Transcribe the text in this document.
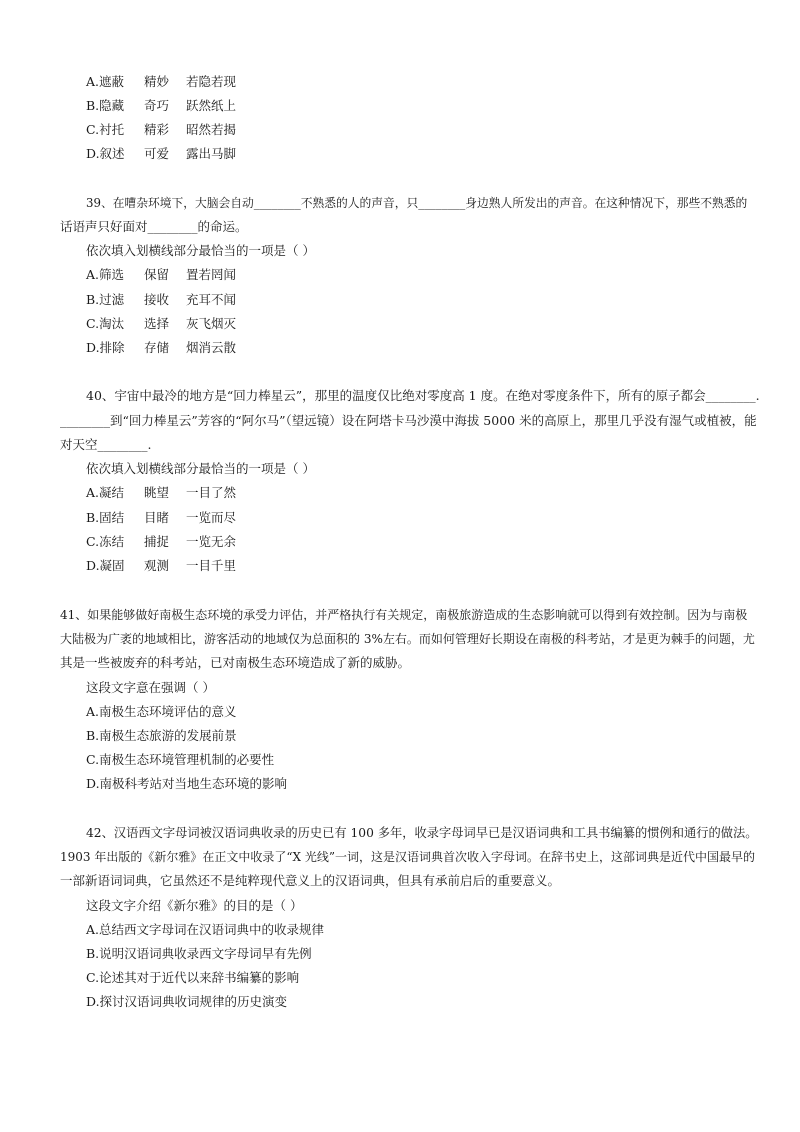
A.遮蔽 精妙 若隐若现
B.隐藏 奇巧 跃然纸上
C.衬托 精彩 昭然若揭
D.叙述 可爱 露出马脚
39、在嘈杂环境下，大脑会自动________不熟悉的人的声音，只________身边熟人所发出的声音。在这种情况下，那些不熟悉的
话语声只好面对________的命运。
依次填入划横线部分最恰当的一项是（ ）
A.筛选 保留 置若罔闻
B.过滤 接收 充耳不闻
C.淘汰 选择 灰飞烟灭
D.排除 存储 烟消云散
40、宇宙中最冷的地方是“回力棒星云”，那里的温度仅比绝对零度高 1 度。在绝对零度条件下，所有的原子都会________.
________到“回力棒星云”芳容的“阿尔马”（望远镜）设在阿塔卡马沙漠中海拔 5000 米的高原上，那里几乎没有湿气或植被，能
对天空________.
依次填入划横线部分最恰当的一项是（ ）
A.凝结 眺望 一目了然
B.固结 目睹 一览而尽
C.冻结 捕捉 一览无余
D.凝固 观测 一目千里
41、如果能够做好南极生态环境的承受力评估，并严格执行有关规定，南极旅游造成的生态影响就可以得到有效控制。因为与南极
大陆极为广袤的地域相比，游客活动的地域仅为总面积的 3%左右。而如何管理好长期设在南极的科考站，才是更为棘手的问题，尤
其是一些被废弃的科考站，已对南极生态环境造成了新的威胁。
这段文字意在强调（ ）
A.南极生态环境评估的意义
B.南极生态旅游的发展前景
C.南极生态环境管理机制的必要性
D.南极科考站对当地生态环境的影响
42、汉语西文字母词被汉语词典收录的历史已有 100 多年，收录字母词早已是汉语词典和工具书编纂的惯例和通行的做法。
1903 年出版的《新尔雅》在正文中收录了“X 光线”一词，这是汉语词典首次收入字母词。在辞书史上，这部词典是近代中国最早的
一部新语词词典，它虽然还不是纯粹现代意义上的汉语词典，但具有承前启后的重要意义。
这段文字介绍《新尔雅》的目的是（ ）
A.总结西文字母词在汉语词典中的收录规律
B.说明汉语词典收录西文字母词早有先例
C.论述其对于近代以来辞书编纂的影响
D.探讨汉语词典收词规律的历史演变
